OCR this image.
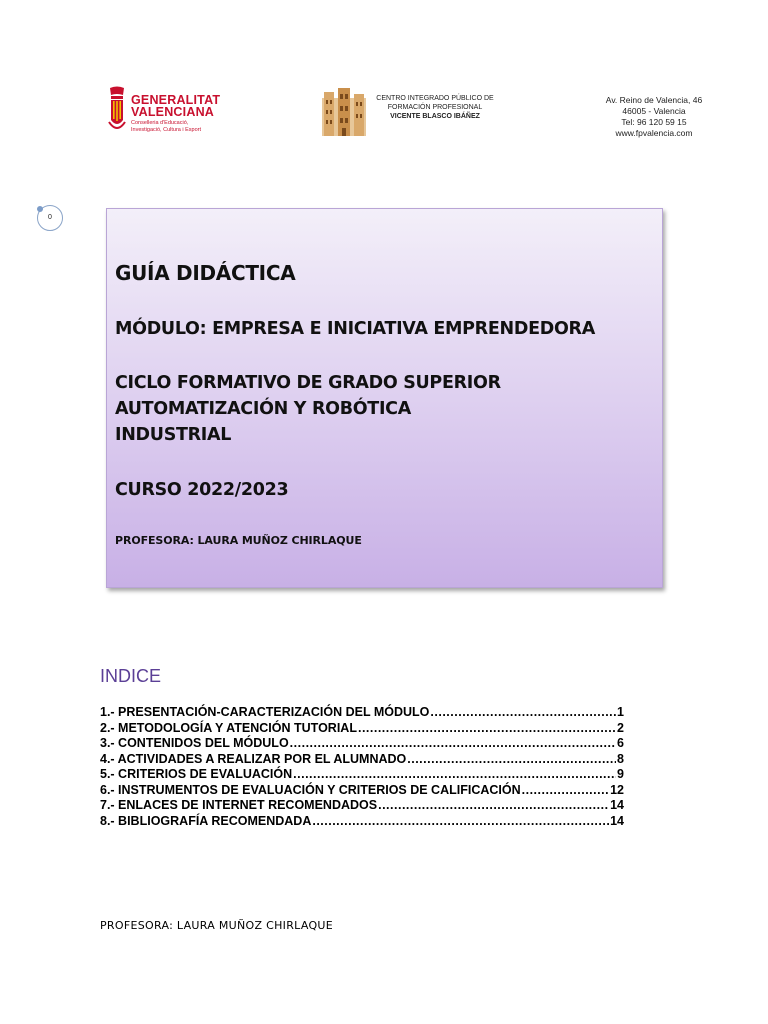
GENERALITAT
VALENCIANA
Conselleria d'Educació,
Investigació, Cultura i Esport
CENTRO INTEGRADO PÚBLICO DE
FORMACIÓN PROFESIONAL
VICENTE BLASCO IBÁÑEZ
Av. Reino de Valencia, 46
46005 - Valencia
Tel: 96 120 59 15
www.fpvalencia.com
0
GUÍA DIDÁCTICA
MÓDULO: EMPRESA E INICIATIVA EMPRENDEDORA
CICLO FORMATIVO DE GRADO SUPERIOR
AUTOMATIZACIÓN Y ROBÓTICA
INDUSTRIAL
CURSO 2022/2023
PROFESORA: LAURA MUÑOZ CHIRLAQUE
INDICE
1.- PRESENTACIÓN-CARACTERIZACIÓN DEL MÓDULO .....	1
2.- METODOLOGÍA Y ATENCIÓN TUTORIAL .....	2
3.- CONTENIDOS DEL MÓDULO .....	6
4.- ACTIVIDADES A REALIZAR POR EL ALUMNADO .....	8
5.- CRITERIOS DE EVALUACIÓN .....	9
6.- INSTRUMENTOS DE EVALUACIÓN Y CRITERIOS DE CALIFICACIÓN .....	12
7.- ENLACES DE INTERNET RECOMENDADOS .....	14
8.- BIBLIOGRAFÍA RECOMENDADA .....	14
PROFESORA: LAURA MUÑOZ CHIRLAQUE
